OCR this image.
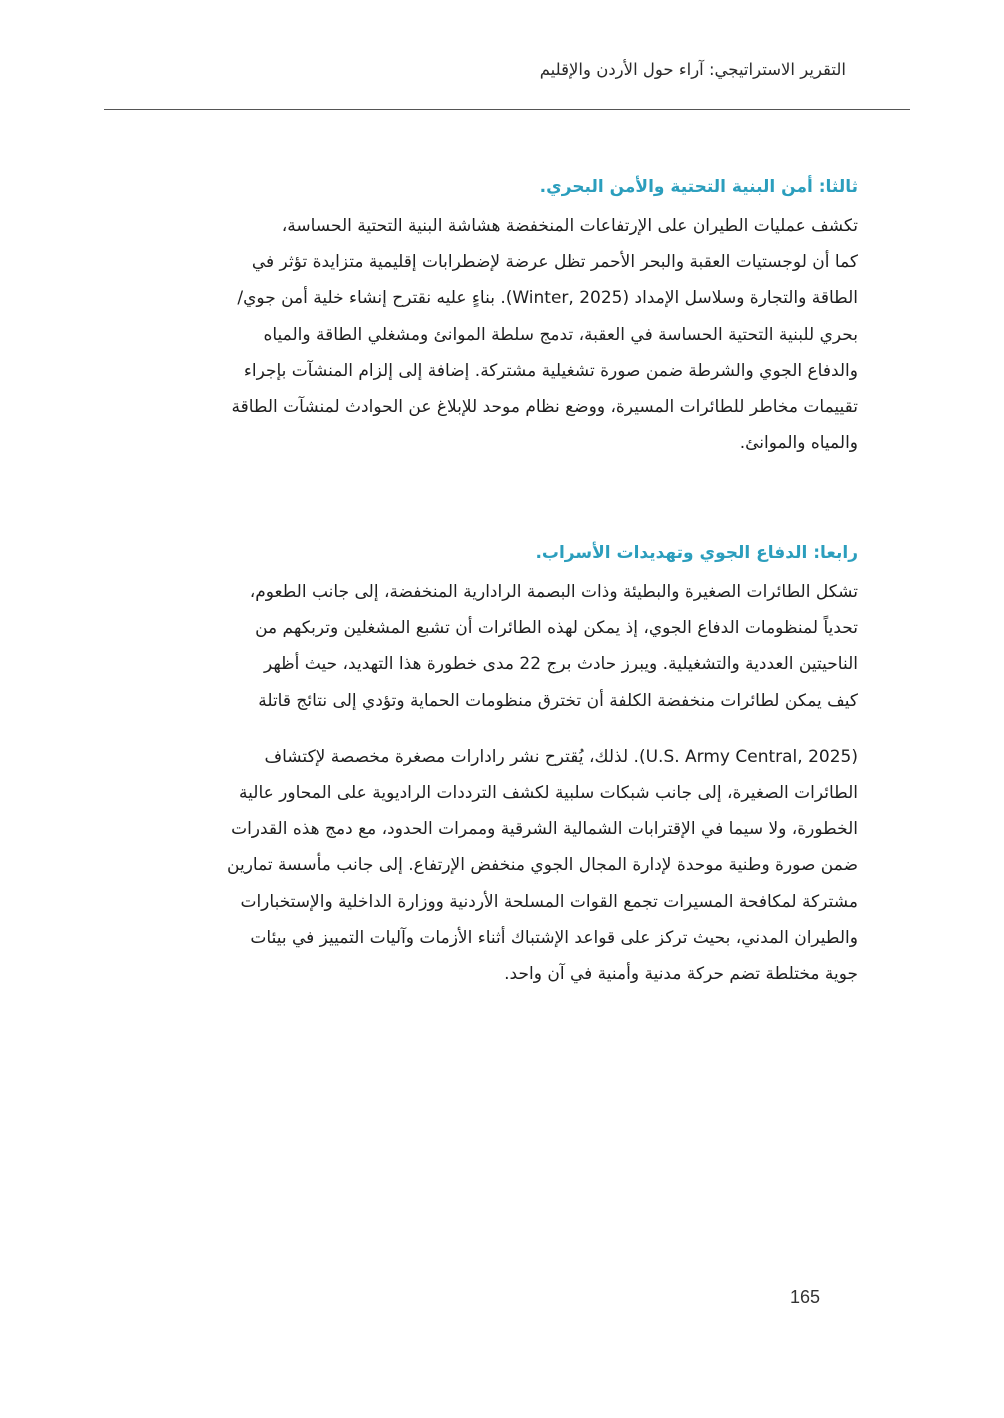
التقرير الاستراتيجي: آراء حول الأردن والإقليم
ثالثا: أمن البنية التحتية والأمن البحري.
تكشف عمليات الطيران على الإرتفاعات المنخفضة هشاشة البنية التحتية الحساسة،
كما أن لوجستيات العقبة والبحر الأحمر تظل عرضة لإضطرابات إقليمية متزايدة تؤثر في
الطاقة والتجارة وسلاسل الإمداد (Winter, 2025). بناءٍ عليه نقترح إنشاء خلية أمن جوي/
بحري للبنية التحتية الحساسة في العقبة، تدمج سلطة الموانئ ومشغلي الطاقة والمياه
والدفاع الجوي والشرطة ضمن صورة تشغيلية مشتركة. إضافة إلى إلزام المنشآت بإجراء
تقييمات مخاطر للطائرات المسيرة، ووضع نظام موحد للإبلاغ عن الحوادث لمنشآت الطاقة
والمياه والموانئ.
رابعا: الدفاع الجوي وتهديدات الأسراب.
تشكل الطائرات الصغيرة والبطيئة وذات البصمة الرادارية المنخفضة، إلى جانب الطعوم،
تحدياً لمنظومات الدفاع الجوي، إذ يمكن لهذه الطائرات أن تشبع المشغلين وتربكهم من
الناحيتين العددية والتشغيلية. ويبرز حادث برج 22 مدى خطورة هذا التهديد، حيث أظهر
كيف يمكن لطائرات منخفضة الكلفة أن تخترق منظومات الحماية وتؤدي إلى نتائج قاتلة
(U.S. Army Central, 2025). لذلك، يُقترح نشر رادارات مصغرة مخصصة لإكتشاف
الطائرات الصغيرة، إلى جانب شبكات سلبية لكشف الترددات الراديوية على المحاور عالية
الخطورة، ولا سيما في الإقترابات الشمالية الشرقية وممرات الحدود، مع دمج هذه القدرات
ضمن صورة وطنية موحدة لإدارة المجال الجوي منخفض الإرتفاع. إلى جانب مأسسة تمارين
مشتركة لمكافحة المسيرات تجمع القوات المسلحة الأردنية ووزارة الداخلية والإستخبارات
والطيران المدني، بحيث تركز على قواعد الإشتباك أثناء الأزمات وآليات التمييز في بيئات
جوية مختلطة تضم حركة مدنية وأمنية في آن واحد.
165
